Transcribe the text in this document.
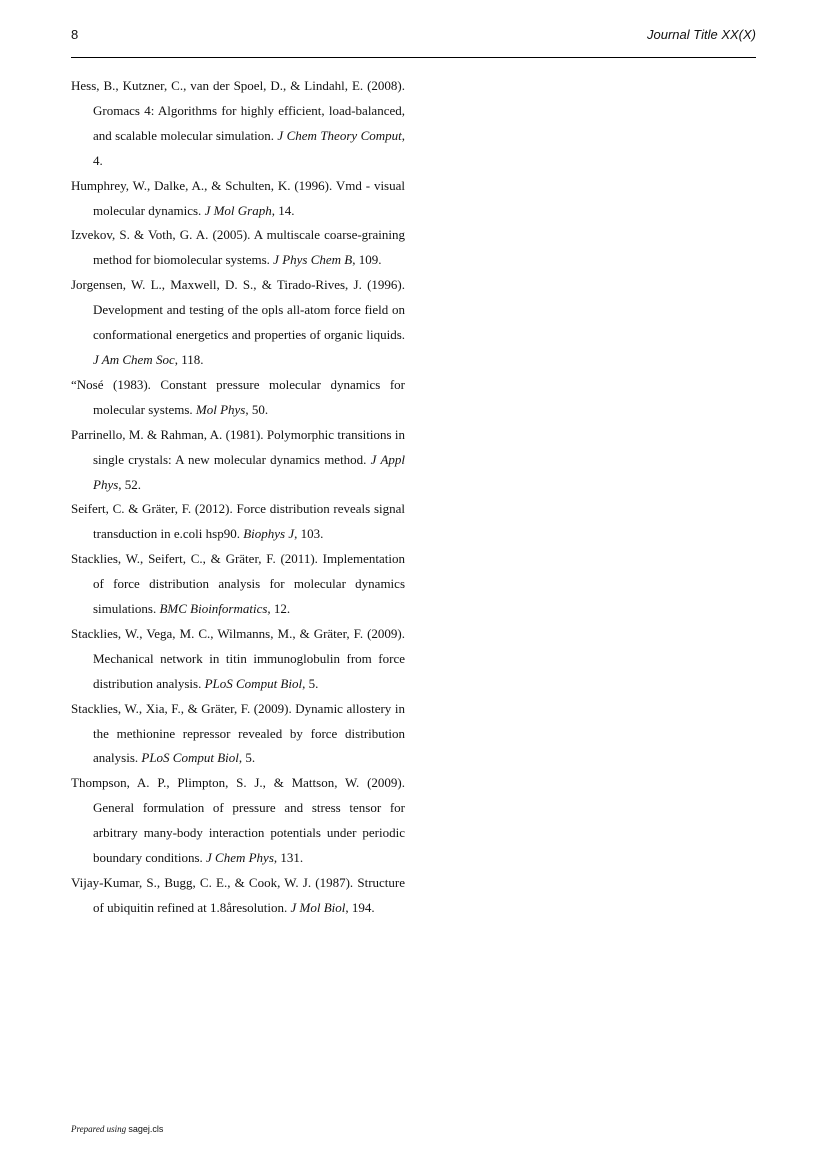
8	Journal Title XX(X)
Hess, B., Kutzner, C., van der Spoel, D., & Lindahl, E. (2008). Gromacs 4: Algorithms for highly efficient, load-balanced, and scalable molecular simulation. J Chem Theory Comput, 4.
Humphrey, W., Dalke, A., & Schulten, K. (1996). Vmd - visual molecular dynamics. J Mol Graph, 14.
Izvekov, S. & Voth, G. A. (2005). A multiscale coarse-graining method for biomolecular systems. J Phys Chem B, 109.
Jorgensen, W. L., Maxwell, D. S., & Tirado-Rives, J. (1996). Development and testing of the opls all-atom force field on conformational energetics and properties of organic liquids. J Am Chem Soc, 118.
“Nosé (1983). Constant pressure molecular dynamics for molecular systems. Mol Phys, 50.
Parrinello, M. & Rahman, A. (1981). Polymorphic transitions in single crystals: A new molecular dynamics method. J Appl Phys, 52.
Seifert, C. & Gräter, F. (2012). Force distribution reveals signal transduction in e.coli hsp90. Biophys J, 103.
Stacklies, W., Seifert, C., & Gräter, F. (2011). Implementation of force distribution analysis for molecular dynamics simulations. BMC Bioinformatics, 12.
Stacklies, W., Vega, M. C., Wilmanns, M., & Gräter, F. (2009). Mechanical network in titin immunoglobulin from force distribution analysis. PLoS Comput Biol, 5.
Stacklies, W., Xia, F., & Gräter, F. (2009). Dynamic allostery in the methionine repressor revealed by force distribution analysis. PLoS Comput Biol, 5.
Thompson, A. P., Plimpton, S. J., & Mattson, W. (2009). General formulation of pressure and stress tensor for arbitrary many-body interaction potentials under periodic boundary conditions. J Chem Phys, 131.
Vijay-Kumar, S., Bugg, C. E., & Cook, W. J. (1987). Structure of ubiquitin refined at 1.8åresolution. J Mol Biol, 194.
Prepared using sagej.cls
